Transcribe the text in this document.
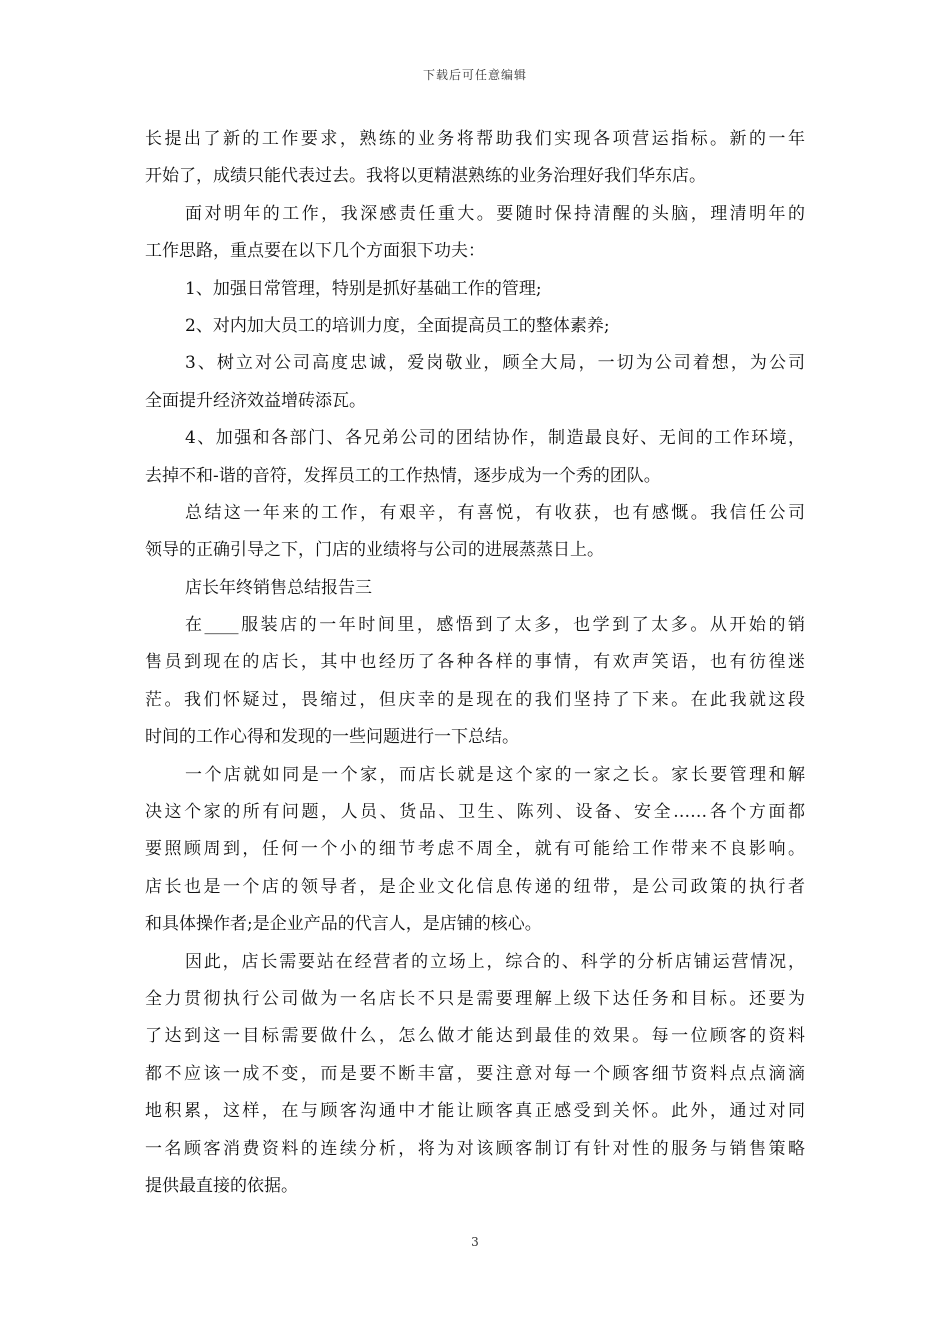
下载后可任意编辑
长提出了新的工作要求，熟练的业务将帮助我们实现各项营运指标。新的一年
开始了，成绩只能代表过去。我将以更精湛熟练的业务治理好我们华东店。
面对明年的工作，我深感责任重大。要随时保持清醒的头脑，理清明年的
工作思路，重点要在以下几个方面狠下功夫：
1、加强日常管理，特别是抓好基础工作的管理;
2、对内加大员工的培训力度，全面提高员工的整体素养;
3、树立对公司高度忠诚，爱岗敬业，顾全大局，一切为公司着想，为公司
全面提升经济效益增砖添瓦。
4、加强和各部门、各兄弟公司的团结协作，制造最良好、无间的工作环境，
去掉不和-谐的音符，发挥员工的工作热情，逐步成为一个秀的团队。
总结这一年来的工作，有艰辛，有喜悦，有收获，也有感慨。我信任公司
领导的正确引导之下，门店的业绩将与公司的进展蒸蒸日上。
店长年终销售总结报告三
在____服装店的一年时间里，感悟到了太多，也学到了太多。从开始的销
售员到现在的店长，其中也经历了各种各样的事情，有欢声笑语，也有彷徨迷
茫。我们怀疑过，畏缩过，但庆幸的是现在的我们坚持了下来。在此我就这段
时间的工作心得和发现的一些问题进行一下总结。
一个店就如同是一个家，而店长就是这个家的一家之长。家长要管理和解
决这个家的所有问题，人员、货品、卫生、陈列、设备、安全……各个方面都
要照顾周到，任何一个小的细节考虑不周全，就有可能给工作带来不良影响。
店长也是一个店的领导者，是企业文化信息传递的纽带，是公司政策的执行者
和具体操作者;是企业产品的代言人，是店铺的核心。
因此，店长需要站在经营者的立场上，综合的、科学的分析店铺运营情况，
全力贯彻执行公司做为一名店长不只是需要理解上级下达任务和目标。还要为
了达到这一目标需要做什么，怎么做才能达到最佳的效果。每一位顾客的资料
都不应该一成不变，而是要不断丰富，要注意对每一个顾客细节资料点点滴滴
地积累，这样，在与顾客沟通中才能让顾客真正感受到关怀。此外，通过对同
一名顾客消费资料的连续分析，将为对该顾客制订有针对性的服务与销售策略
提供最直接的依据。
3
